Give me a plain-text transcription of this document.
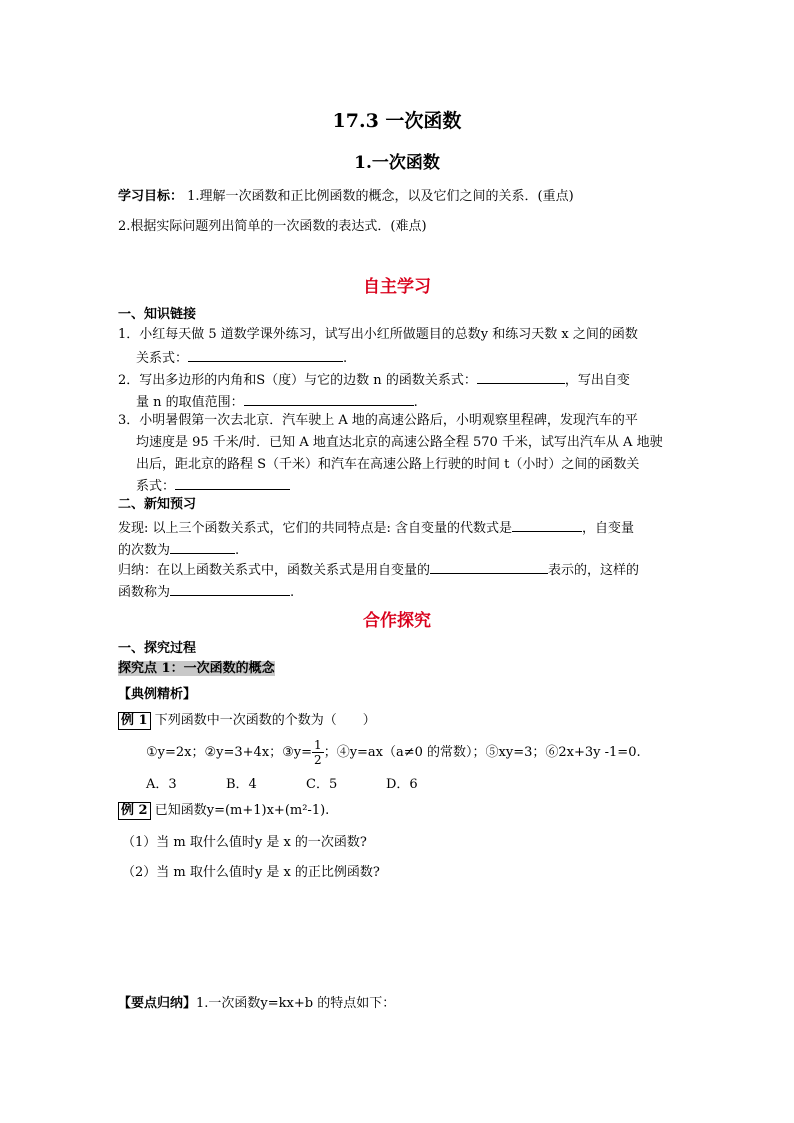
17.3 一次函数
1.一次函数
学习目标： 1.理解一次函数和正比例函数的概念，以及它们之间的关系．(重点)
2.根据实际问题列出简单的一次函数的表达式．(难点)
自主学习
一、知识链接
1．小红每天做 5 道数学课外练习，试写出小红所做题目的总数y 和练习天数 x 之间的函数
关系式：	.
2．写出多边形的内角和S（度）与它的边数 n 的函数关系式：	，写出自变
量 n 的取值范围：	.
3．小明暑假第一次去北京．汽车驶上 A 地的高速公路后，小明观察里程碑，发现汽车的平
均速度是 95 千米/时．已知 A 地直达北京的高速公路全程 570 千米，试写出汽车从 A 地驶
出后，距北京的路程 S（千米）和汽车在高速公路上行驶的时间 t（小时）之间的函数关
系式：
二、新知预习
发现: 以上三个函数关系式，它们的共同特点是: 含自变量的代数式是	，自变量
的次数为	.
归纳：在以上函数关系式中，函数关系式是用自变量的	表示的，这样的
函数称为	.
合作探究
一、探究过程
探究点 1：一次函数的概念
【典例精析】
例 1 下列函数中一次函数的个数为（　　）
①y=2x；②y=3+4x；③y= $\frac{1}{2}$ ；④y=ax（a≠0 的常数）；⑤xy=3；⑥2x+3y -1=0.
A．3	B．4	C．5	D．6
例 2 已知函数y=(m+1)x+(m²-1).
（1）当 m 取什么值时y 是 x 的一次函数?
（2）当 m 取什么值时y 是 x 的正比例函数?
【要点归纳】1.一次函数y=kx+b 的特点如下：
